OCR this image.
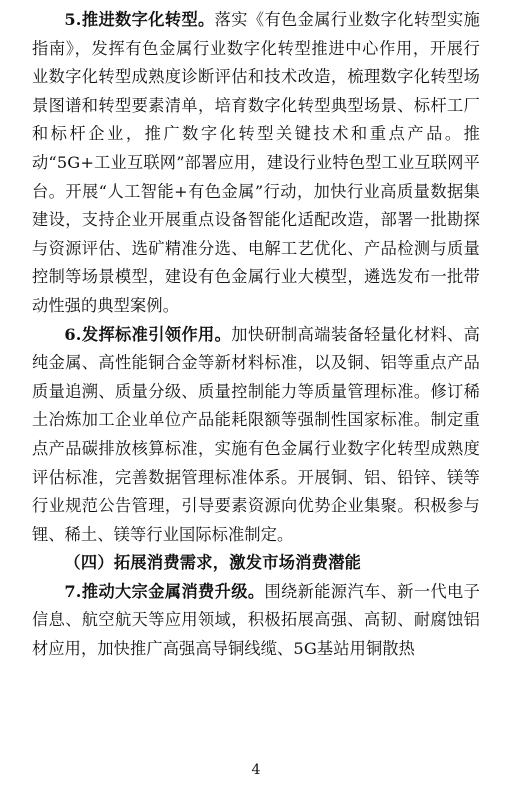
5.推进数字化转型。落实《有色金属行业数字化转型实施指南》，发挥有色金属行业数字化转型推进中心作用，开展行业数字化转型成熟度诊断评估和技术改造，梳理数字化转型场景图谱和转型要素清单，培育数字化转型典型场景、标杆工厂和标杆企业，推广数字化转型关键技术和重点产品。推动“5G+工业互联网”部署应用，建设行业特色型工业互联网平台。开展“人工智能+有色金属”行动，加快行业高质量数据集建设，支持企业开展重点设备智能化适配改造，部署一批勘探与资源评估、选矿精准分选、电解工艺优化、产品检测与质量控制等场景模型，建设有色金属行业大模型，遴选发布一批带动性强的典型案例。

6.发挥标准引领作用。加快研制高端装备轻量化材料、高纯金属、高性能铜合金等新材料标准，以及铜、铝等重点产品质量追溯、质量分级、质量控制能力等质量管理标准。修订稀土冶炼加工企业单位产品能耗限额等强制性国家标准。制定重点产品碳排放核算标准，实施有色金属行业数字化转型成熟度评估标准，完善数据管理标准体系。开展铜、铝、铅锌、镁等行业规范公告管理，引导要素资源向优势企业集聚。积极参与锂、稀土、镁等行业国际标准制定。

（四）拓展消费需求，激发市场消费潜能

7.推动大宗金属消费升级。围绕新能源汽车、新一代电子信息、航空航天等应用领域，积极拓展高强、高韧、耐腐蚀铝材应用，加快推广高强高导铜线缆、5G基站用铜散热

4
